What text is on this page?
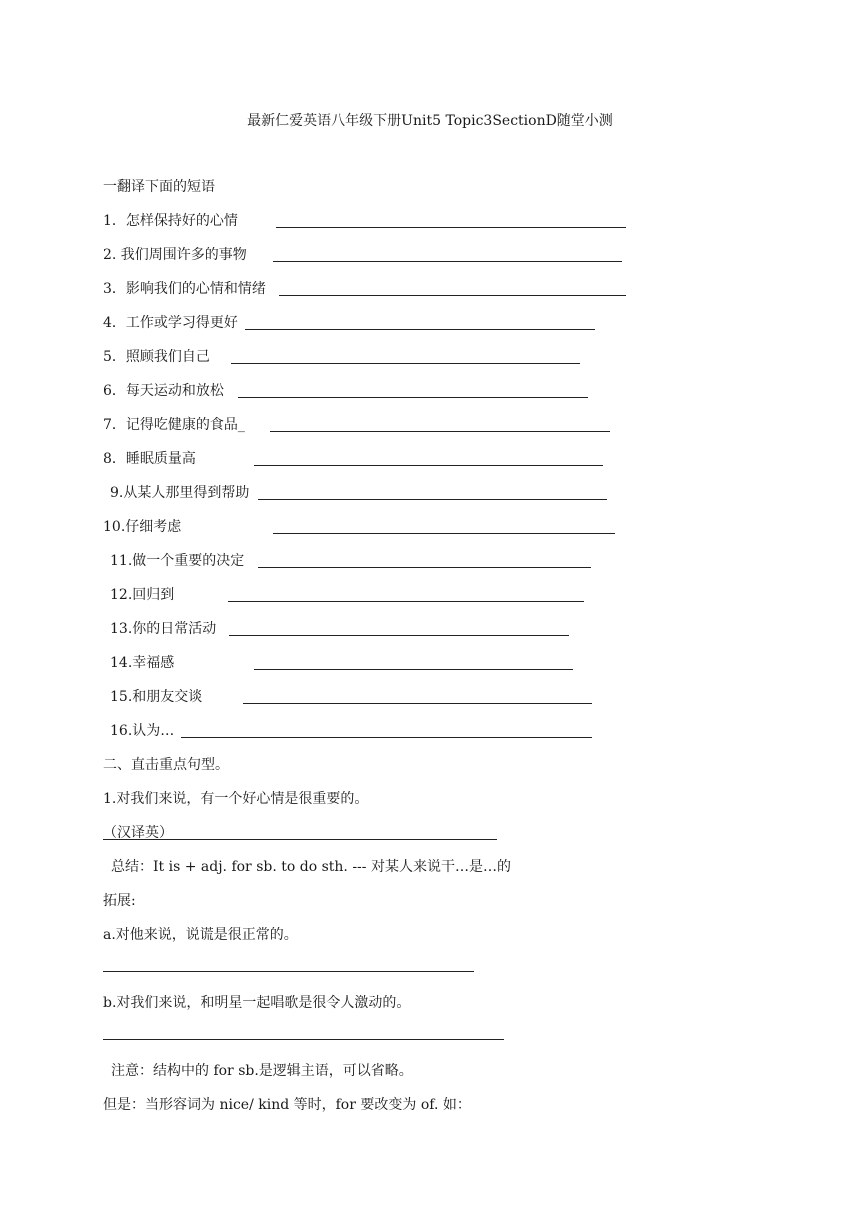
最新仁爱英语八年级下册Unit5 Topic3SectionD随堂小测
一翻译下面的短语
1．怎样保持好的心情
2. 我们周围许多的事物
3．影响我们的心情和情绪
4．工作或学习得更好
5．照顾我们自己
6．每天运动和放松
7．记得吃健康的食品_
8．睡眠质量高
9.从某人那里得到帮助
10.仔细考虑
11.做一个重要的决定
12.回归到
13.你的日常活动
14.幸福感
15.和朋友交谈
16.认为…
二、直击重点句型。
1.对我们来说，有一个好心情是很重要的。
（汉译英）
总结：It is + adj. for sb. to do sth. --- 对某人来说干…是…的
拓展:
a.对他来说，说谎是很正常的。
b.对我们来说，和明星一起唱歌是很令人激动的。
注意：结构中的 for sb.是逻辑主语，可以省略。
但是：当形容词为 nice/ kind 等时，for 要改变为 of. 如：
